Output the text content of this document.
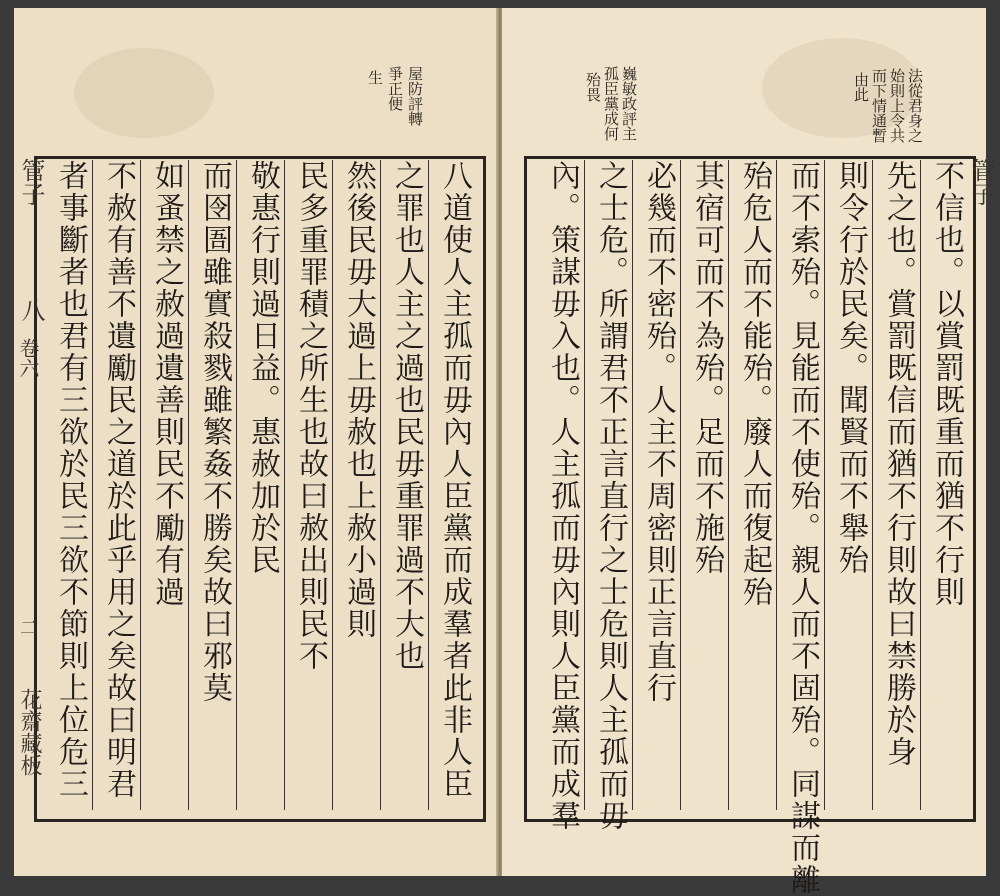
屋防評轉
爭正便
生
八道使人主孤而毋內人臣黨而成羣者此非人臣
之罪也人主之過也民毋重罪過不大也
然後民毋大過上毋赦也上赦小過則
民多重罪積之所生也故曰赦出則民不
敬惠行則過日益。惠赦加於民
而囹圄雖實殺戮雖繁姦不勝矣故曰邪莫
如蚤禁之赦過遺善則民不勵有過
不赦有善不遺勵民之道於此乎用之矣故曰明君
者事斷者也君有三欲於民三欲不節則上位危三
管子
八
卷六
二
花齋藏板
法從君身之
始則上令共
而下情通暫
由此
巍敏政評主
孤臣黨成何
殆畏
不信也。以賞罰既重而猶不行則
先之也。賞罰既信而猶不行則故曰禁勝於身
則令行於民矣。聞賢而不舉殆
而不索殆。見能而不使殆。親人而不固殆。同謀而離
殆危人而不能殆。廢人而復起殆
其宿可而不為殆。足而不施殆
必幾而不密殆。人主不周密則正言直行
之士危。所謂君不正言直行之士危則人主孤而毋
內。策謀毋入也。人主孤而毋內則人臣黨而成羣	管子
